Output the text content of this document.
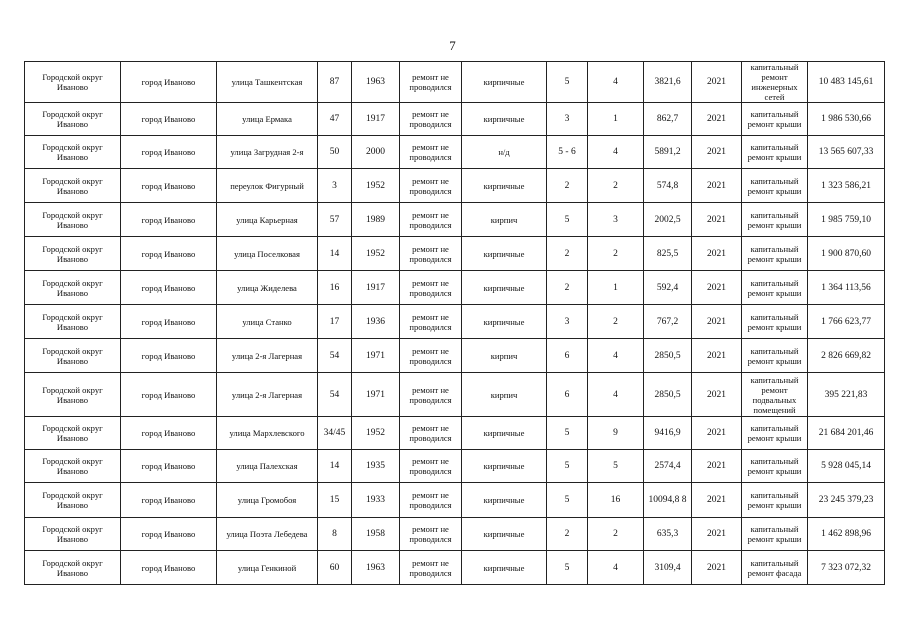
7
Городской округ Иваново	город Иваново	улица Ташкентская	87	1963	ремонт не проводился	кирпичные	5	4	3821,6	2021	капитальный ремонт инженерных сетей	10 483 145,61
Городской округ Иваново	город Иваново	улица Ермака	47	1917	ремонт не проводился	кирпичные	3	1	862,7	2021	капитальный ремонт крыши	1 986 530,66
Городской округ Иваново	город Иваново	улица Загрудная 2-я	50	2000	ремонт не проводился	н/д	5 - 6	4	5891,2	2021	капитальный ремонт крыши	13 565 607,33
Городской округ Иваново	город Иваново	переулок Фигурный	3	1952	ремонт не проводился	кирпичные	2	2	574,8	2021	капитальный ремонт крыши	1 323 586,21
Городской округ Иваново	город Иваново	улица Карьерная	57	1989	ремонт не проводился	кирпич	5	3	2002,5	2021	капитальный ремонт крыши	1 985 759,10
Городской округ Иваново	город Иваново	улица Поселковая	14	1952	ремонт не проводился	кирпичные	2	2	825,5	2021	капитальный ремонт крыши	1 900 870,60
Городской округ Иваново	город Иваново	улица Жиделева	16	1917	ремонт не проводился	кирпичные	2	1	592,4	2021	капитальный ремонт крыши	1 364 113,56
Городской округ Иваново	город Иваново	улица Станко	17	1936	ремонт не проводился	кирпичные	3	2	767,2	2021	капитальный ремонт крыши	1 766 623,77
Городской округ Иваново	город Иваново	улица 2-я Лагерная	54	1971	ремонт не проводился	кирпич	6	4	2850,5	2021	капитальный ремонт крыши	2 826 669,82
Городской округ Иваново	город Иваново	улица 2-я Лагерная	54	1971	ремонт не проводился	кирпич	6	4	2850,5	2021	капитальный ремонт подвальных помещений	395 221,83
Городской округ Иваново	город Иваново	улица Мархлевского	34/45	1952	ремонт не проводился	кирпичные	5	9	9416,9	2021	капитальный ремонт крыши	21 684 201,46
Городской округ Иваново	город Иваново	улица Палехская	14	1935	ремонт не проводился	кирпичные	5	5	2574,4	2021	капитальный ремонт крыши	5 928 045,14
Городской округ Иваново	город Иваново	улица Громобоя	15	1933	ремонт не проводился	кирпичные	5	16	10094,8 8	2021	капитальный ремонт крыши	23 245 379,23
Городской округ Иваново	город Иваново	улица Поэта Лебедева	8	1958	ремонт не проводился	кирпичные	2	2	635,3	2021	капитальный ремонт крыши	1 462 898,96
Городской округ Иваново	город Иваново	улица Генкиной	60	1963	ремонт не проводился	кирпичные	5	4	3109,4	2021	капитальный ремонт фасада	7 323 072,32
